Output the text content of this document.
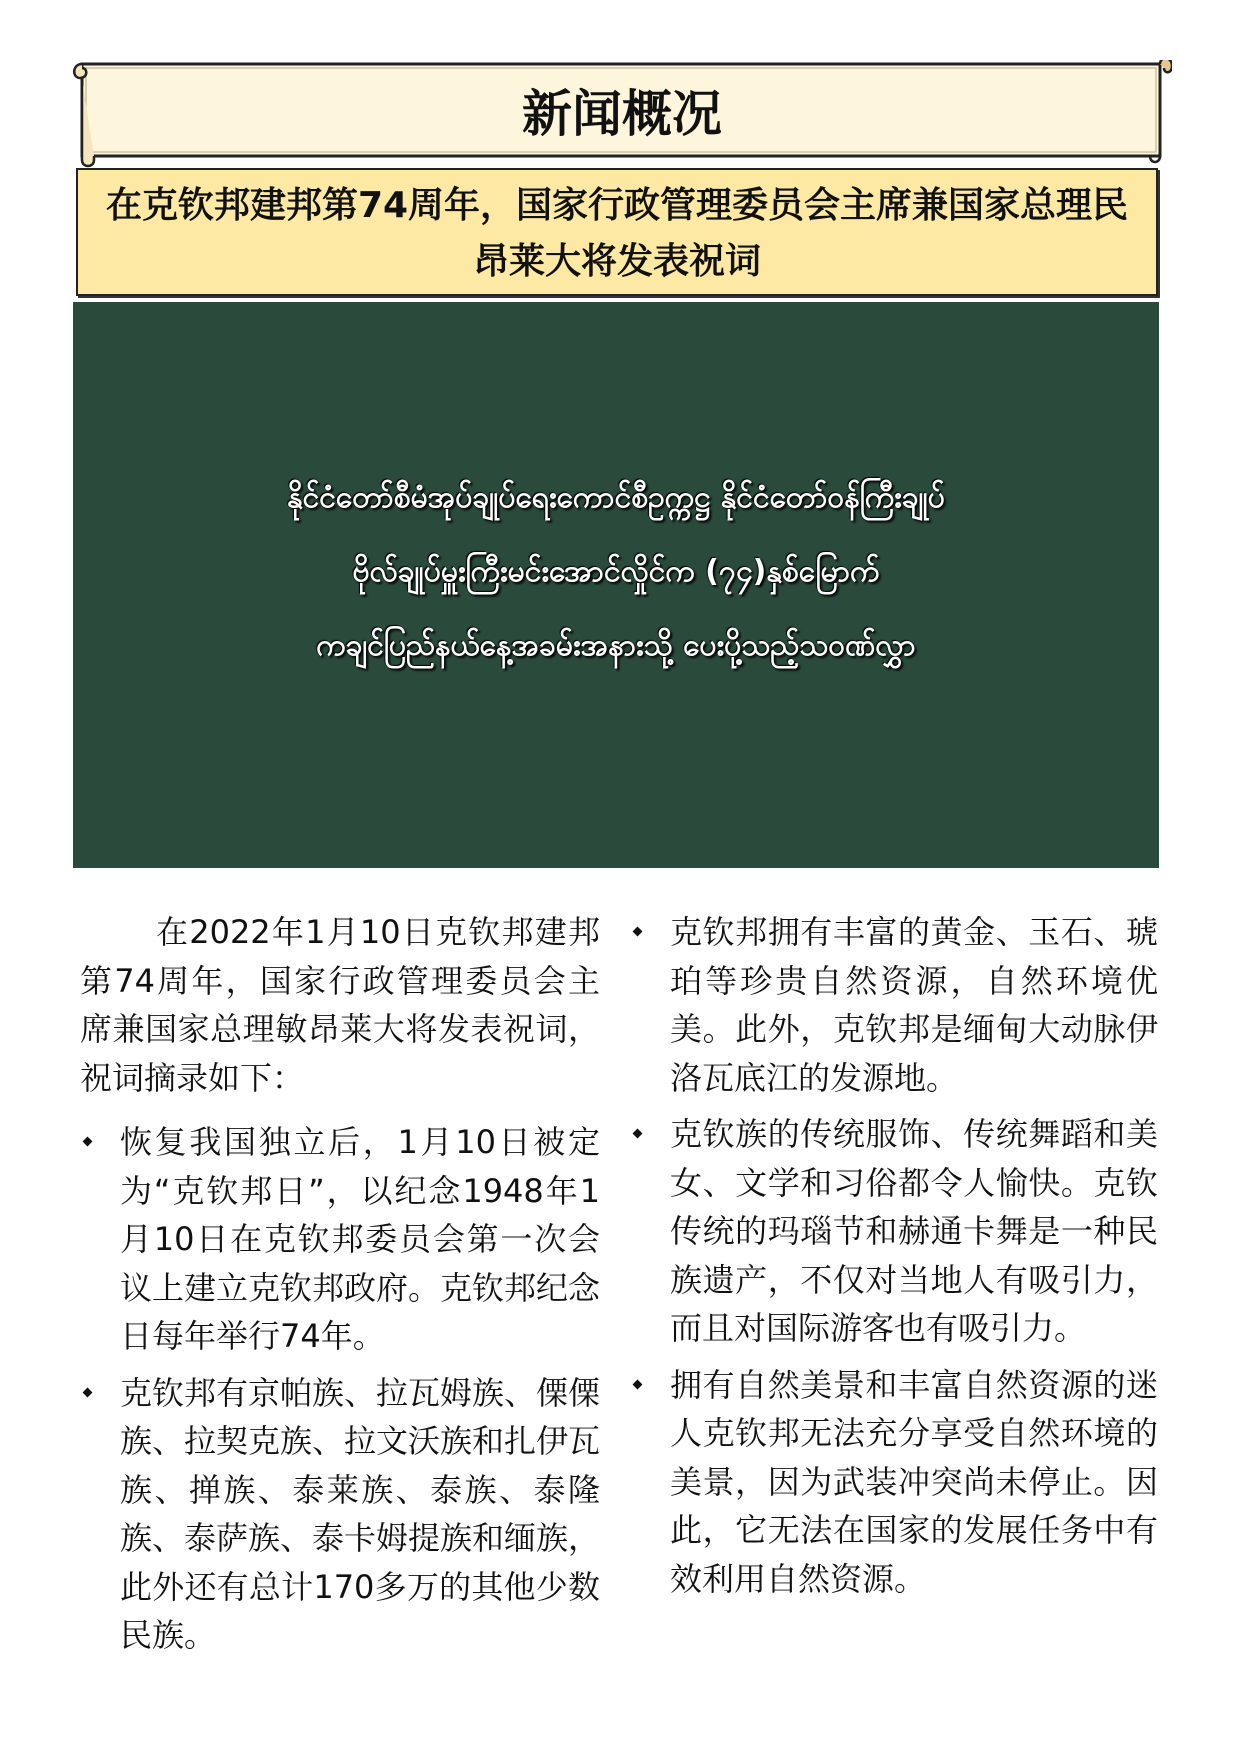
新闻概况
在克钦邦建邦第74周年，国家行政管理委员会主席兼国家总理民
昂莱大将发表祝词
နိုင်ငံတော်စီမံအုပ်ချုပ်ရေးကောင်စီဥက္ကဋ္ဌ နိုင်ငံတော်ဝန်ကြီးချုပ်
ဗိုလ်ချုပ်မှူးကြီးမင်းအောင်လှိုင်က (၇၄)နှစ်မြောက်
ကချင်ပြည်နယ်နေ့အခမ်းအနားသို့ ပေးပို့သည့်သဝဏ်လွှာ

在2022年1月10日克钦邦建邦第74周年，国家行政管理委员会主席兼国家总理敏昂莱大将发表祝词，祝词摘录如下：

恢复我国独立后，1月10日被定为“克钦邦日”，以纪念1948年1月10日在克钦邦委员会第一次会议上建立克钦邦政府。克钦邦纪念日每年举行74年。
克钦邦有京帕族、拉瓦姆族、傈傈族、拉契克族、拉文沃族和扎伊瓦族、掸族、泰莱族、泰族、泰隆族、泰萨族、泰卡姆提族和缅族，此外还有总计170多万的其他少数民族。
克钦邦拥有丰富的黄金、玉石、琥珀等珍贵自然资源，自然环境优美。此外，克钦邦是缅甸大动脉伊洛瓦底江的发源地。
克钦族的传统服饰、传统舞蹈和美女、文学和习俗都令人愉快。克钦传统的玛瑙节和赫通卡舞是一种民族遗产，不仅对当地人有吸引力，而且对国际游客也有吸引力。
拥有自然美景和丰富自然资源的迷人克钦邦无法充分享受自然环境的美景，因为武装冲突尚未停止。因此，它无法在国家的发展任务中有效利用自然资源。
